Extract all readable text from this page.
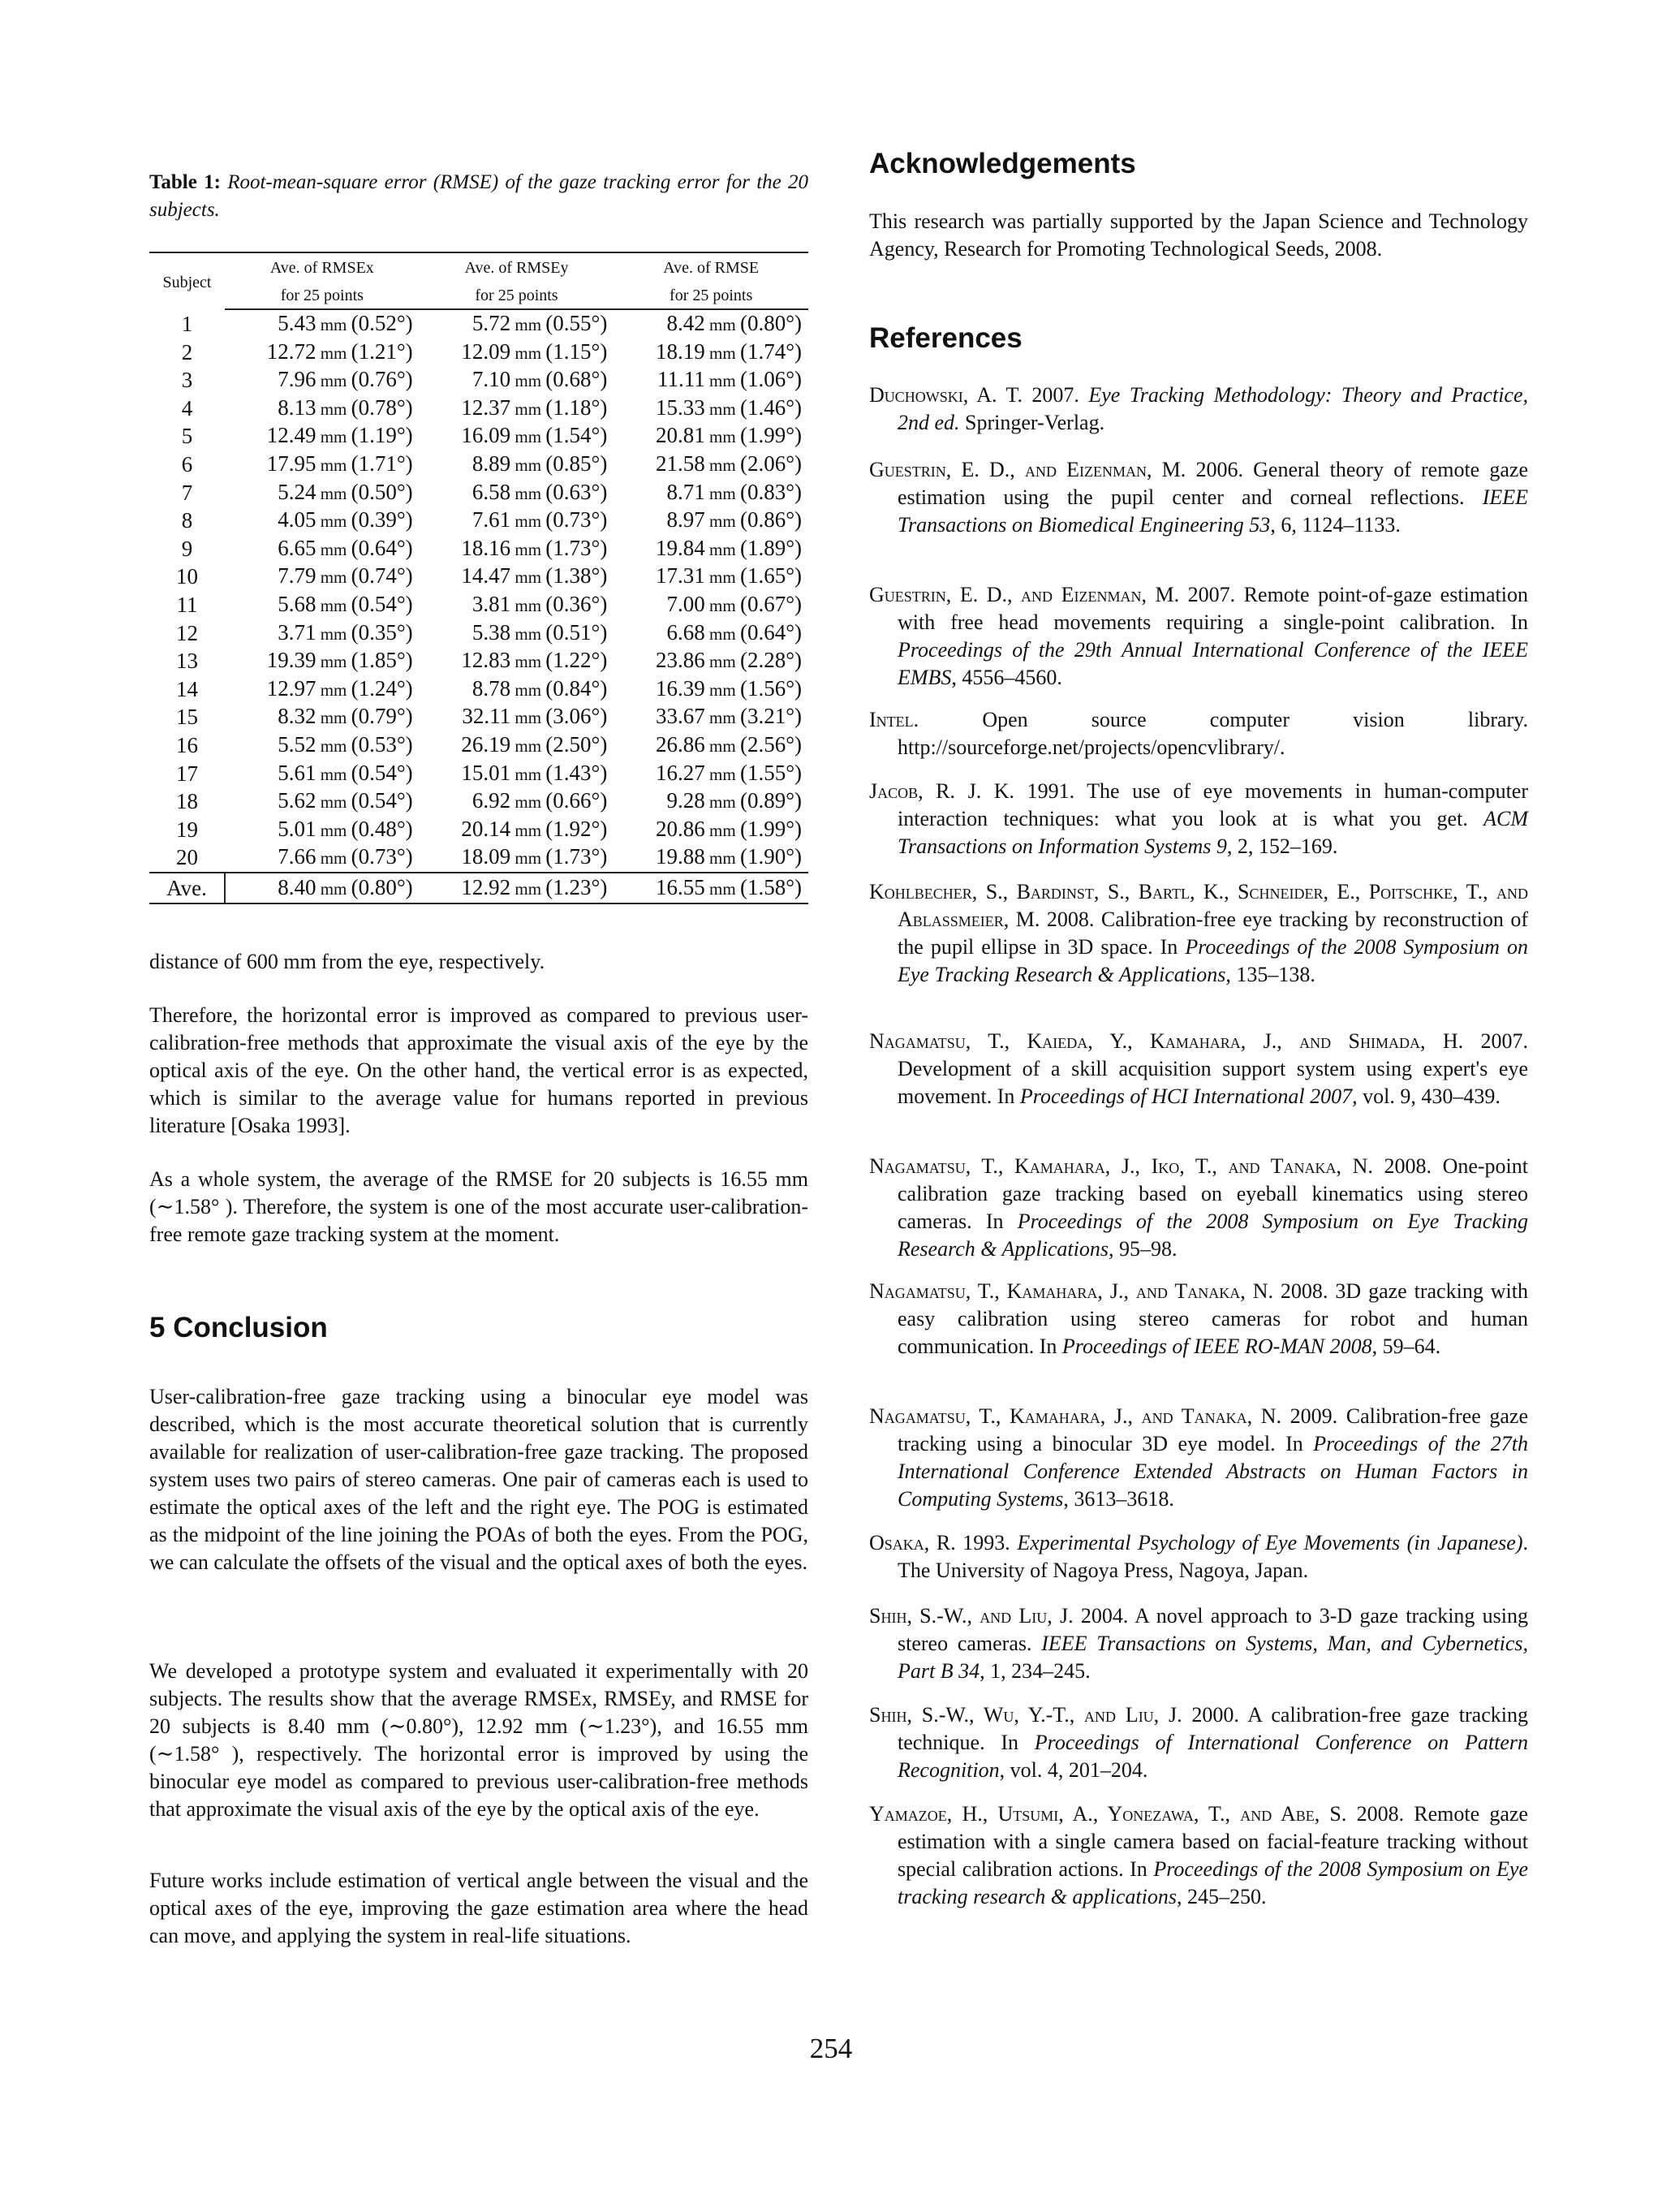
Table 1: Root-mean-square error (RMSE) of the gaze tracking error for the 20 subjects.
Subject	Ave. of RMSEx	Ave. of RMSEy	Ave. of RMSE
	for 25 points	for 25 points	for 25 points
1	5.43 mm (0.52°)	5.72 mm (0.55°)	8.42 mm (0.80°)
2	12.72 mm (1.21°)	12.09 mm (1.15°)	18.19 mm (1.74°)
3	7.96 mm (0.76°)	7.10 mm (0.68°)	11.11 mm (1.06°)
4	8.13 mm (0.78°)	12.37 mm (1.18°)	15.33 mm (1.46°)
5	12.49 mm (1.19°)	16.09 mm (1.54°)	20.81 mm (1.99°)
6	17.95 mm (1.71°)	8.89 mm (0.85°)	21.58 mm (2.06°)
7	5.24 mm (0.50°)	6.58 mm (0.63°)	8.71 mm (0.83°)
8	4.05 mm (0.39°)	7.61 mm (0.73°)	8.97 mm (0.86°)
9	6.65 mm (0.64°)	18.16 mm (1.73°)	19.84 mm (1.89°)
10	7.79 mm (0.74°)	14.47 mm (1.38°)	17.31 mm (1.65°)
11	5.68 mm (0.54°)	3.81 mm (0.36°)	7.00 mm (0.67°)
12	3.71 mm (0.35°)	5.38 mm (0.51°)	6.68 mm (0.64°)
13	19.39 mm (1.85°)	12.83 mm (1.22°)	23.86 mm (2.28°)
14	12.97 mm (1.24°)	8.78 mm (0.84°)	16.39 mm (1.56°)
15	8.32 mm (0.79°)	32.11 mm (3.06°)	33.67 mm (3.21°)
16	5.52 mm (0.53°)	26.19 mm (2.50°)	26.86 mm (2.56°)
17	5.61 mm (0.54°)	15.01 mm (1.43°)	16.27 mm (1.55°)
18	5.62 mm (0.54°)	6.92 mm (0.66°)	9.28 mm (0.89°)
19	5.01 mm (0.48°)	20.14 mm (1.92°)	20.86 mm (1.99°)
20	7.66 mm (0.73°)	18.09 mm (1.73°)	19.88 mm (1.90°)
Ave.	8.40 mm (0.80°)	12.92 mm (1.23°)	16.55 mm (1.58°)

distance of 600 mm from the eye, respectively.

Therefore, the horizontal error is improved as compared to previous user-calibration-free methods that approximate the visual axis of the eye by the optical axis of the eye. On the other hand, the vertical error is as expected, which is similar to the average value for humans reported in previous literature [Osaka 1993].

As a whole system, the average of the RMSE for 20 subjects is 16.55 mm (∼1.58° ). Therefore, the system is one of the most accurate user-calibration-free remote gaze tracking system at the moment.

5 Conclusion

User-calibration-free gaze tracking using a binocular eye model was described, which is the most accurate theoretical solution that is currently available for realization of user-calibration-free gaze tracking. The proposed system uses two pairs of stereo cameras. One pair of cameras each is used to estimate the optical axes of the left and the right eye. The POG is estimated as the midpoint of the line joining the POAs of both the eyes. From the POG, we can calculate the offsets of the visual and the optical axes of both the eyes.

We developed a prototype system and evaluated it experimentally with 20 subjects. The results show that the average RMSEx, RMSEy, and RMSE for 20 subjects is 8.40 mm (∼0.80°), 12.92 mm (∼1.23°), and 16.55 mm (∼1.58° ), respectively. The horizontal error is improved by using the binocular eye model as compared to previous user-calibration-free methods that approximate the visual axis of the eye by the optical axis of the eye.

Future works include estimation of vertical angle between the visual and the optical axes of the eye, improving the gaze estimation area where the head can move, and applying the system in real-life situations.

Acknowledgements

This research was partially supported by the Japan Science and Technology Agency, Research for Promoting Technological Seeds, 2008.

References
Duchowski, A. T. 2007. Eye Tracking Methodology: Theory and Practice, 2nd ed. Springer-Verlag.
Guestrin, E. D., and Eizenman, M. 2006. General theory of remote gaze estimation using the pupil center and corneal reflections. IEEE Transactions on Biomedical Engineering 53, 6, 1124–1133.
Guestrin, E. D., and Eizenman, M. 2007. Remote point-of-gaze estimation with free head movements requiring a single-point calibration. In Proceedings of the 29th Annual International Conference of the IEEE EMBS, 4556–4560.
Intel. Open source computer vision library. http://sourceforge.net/projects/opencvlibrary/.
Jacob, R. J. K. 1991. The use of eye movements in human-computer interaction techniques: what you look at is what you get. ACM Transactions on Information Systems 9, 2, 152–169.
Kohlbecher, S., Bardinst, S., Bartl, K., Schneider, E., Poitschke, T., and Ablassmeier, M. 2008. Calibration-free eye tracking by reconstruction of the pupil ellipse in 3D space. In Proceedings of the 2008 Symposium on Eye Tracking Research & Applications, 135–138.
Nagamatsu, T., Kaieda, Y., Kamahara, J., and Shimada, H. 2007. Development of a skill acquisition support system using expert's eye movement. In Proceedings of HCI International 2007, vol. 9, 430–439.
Nagamatsu, T., Kamahara, J., Iko, T., and Tanaka, N. 2008. One-point calibration gaze tracking based on eyeball kinematics using stereo cameras. In Proceedings of the 2008 Symposium on Eye Tracking Research & Applications, 95–98.
Nagamatsu, T., Kamahara, J., and Tanaka, N. 2008. 3D gaze tracking with easy calibration using stereo cameras for robot and human communication. In Proceedings of IEEE RO-MAN 2008, 59–64.
Nagamatsu, T., Kamahara, J., and Tanaka, N. 2009. Calibration-free gaze tracking using a binocular 3D eye model. In Proceedings of the 27th International Conference Extended Abstracts on Human Factors in Computing Systems, 3613–3618.
Osaka, R. 1993. Experimental Psychology of Eye Movements (in Japanese). The University of Nagoya Press, Nagoya, Japan.
Shih, S.-W., and Liu, J. 2004. A novel approach to 3-D gaze tracking using stereo cameras. IEEE Transactions on Systems, Man, and Cybernetics, Part B 34, 1, 234–245.
Shih, S.-W., Wu, Y.-T., and Liu, J. 2000. A calibration-free gaze tracking technique. In Proceedings of International Conference on Pattern Recognition, vol. 4, 201–204.
Yamazoe, H., Utsumi, A., Yonezawa, T., and Abe, S. 2008. Remote gaze estimation with a single camera based on facial-feature tracking without special calibration actions. In Proceedings of the 2008 Symposium on Eye tracking research & applications, 245–250.
254
